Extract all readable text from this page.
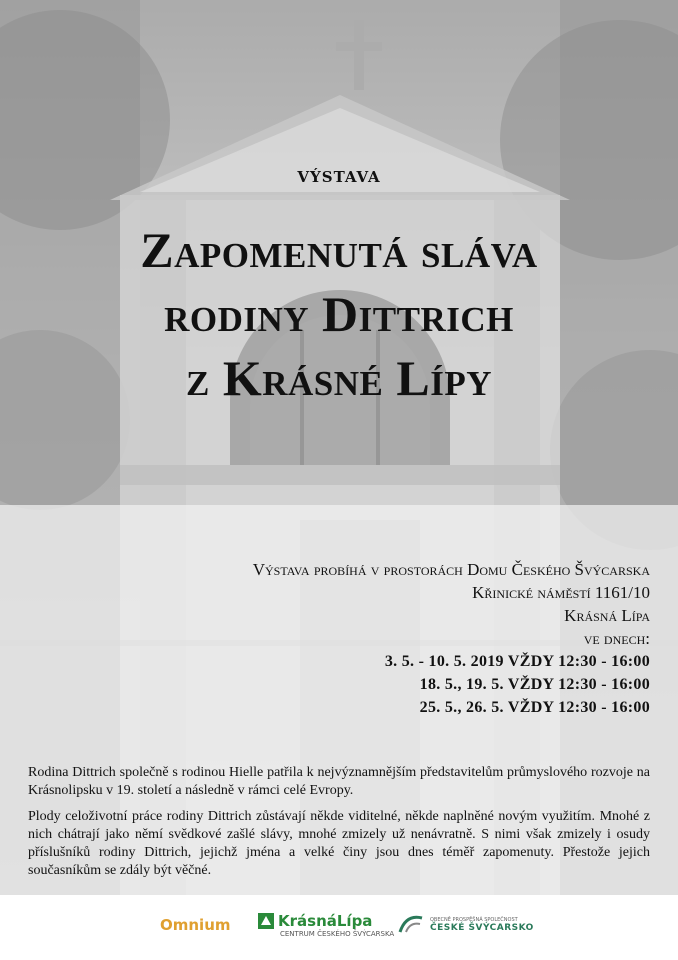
VÝSTAVA
Zapomenutá sláva
rodiny Dittrich
z Krásné Lípy
Výstava probíhá v prostorách Domu Českého Švýcarska
Křinické náměstí 1161/10
Krásná Lípa
ve dnech:
3. 5. - 10. 5. 2019 VŽDY 12:30 - 16:00
18. 5., 19. 5. VŽDY 12:30 - 16:00
25. 5., 26. 5. VŽDY 12:30 - 16:00

Rodina Dittrich společně s rodinou Hielle patřila k nejvýznamnějším představitelům průmyslového rozvoje na Krásnolipsku v 19. století a následně v rámci celé Evropy.

Plody celoživotní práce rodiny Dittrich zůstávají někde viditelné, někde naplněné novým využitím. Mnohé z nich chátrají jako němí svědkové zašlé slávy, mnohé zmizely už nenávratně. S nimi však zmizely i osudy příslušníků rodiny Dittrich, jejichž jména a velké činy jsou dnes téměř zapomenuty. Přestože jejich současníkům se zdály být věčné.

Omnium	KrásnáLípa
CENTRUM ČESKÉHO ŠVÝCARSKA
OBECNĚ PROSPĚŠNÁ SPOLEČNOST
ČESKÉ ŠVÝCARSKO
